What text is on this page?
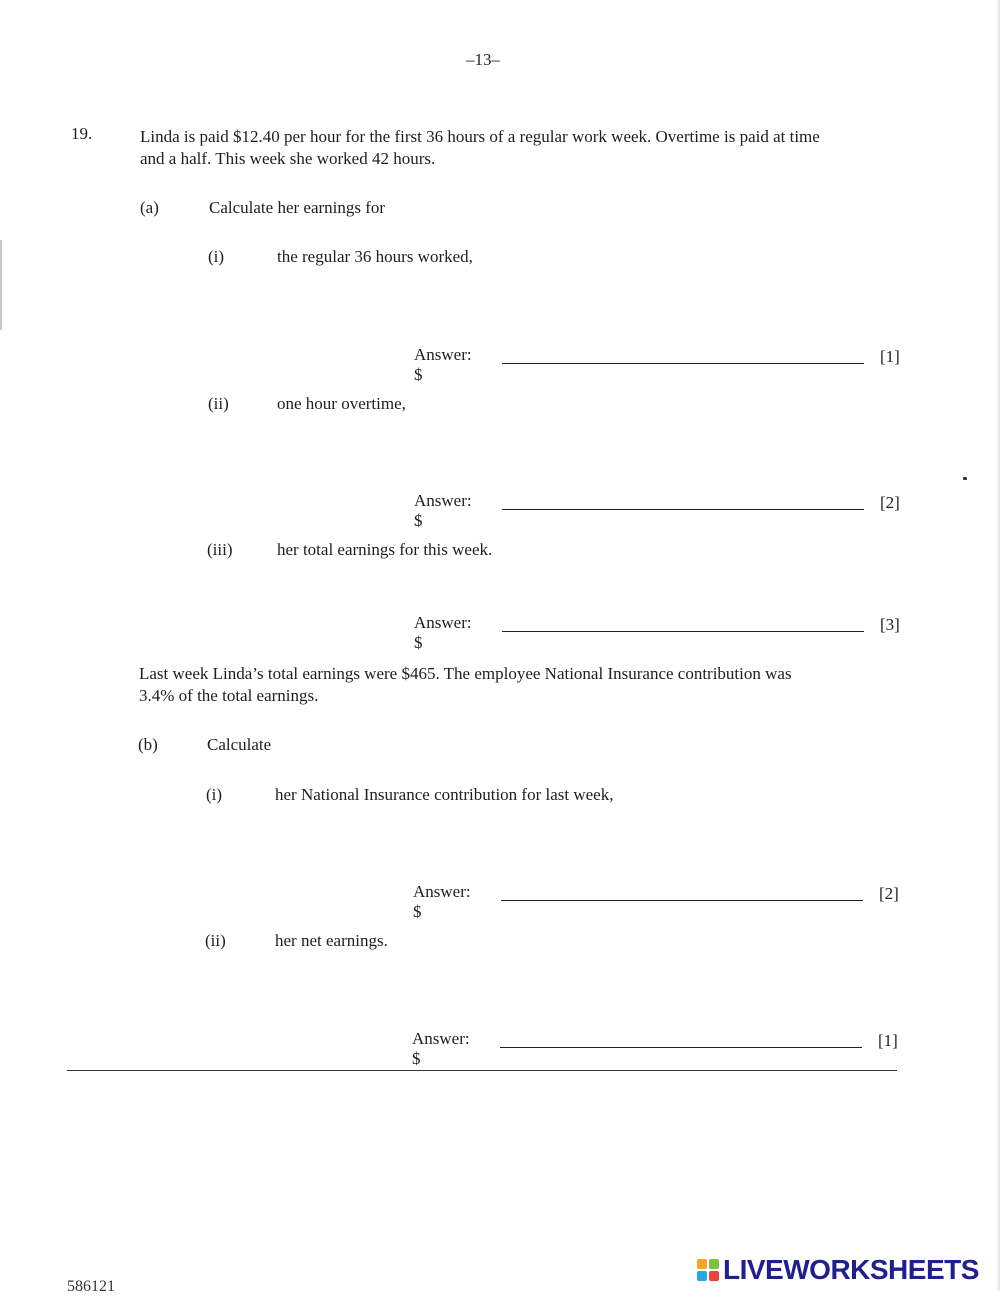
–13–
19.	Linda is paid $12.40 per hour for the first 36 hours of a regular work week. Overtime is paid at time
and a half. This week she worked 42 hours.
(a)	Calculate her earnings for
(i)	the regular 36 hours worked,
Answer: $
[1]
(ii)	one hour overtime,
Answer: $
[2]
(iii)	her total earnings for this week.
Answer: $
[3]
Last week Linda’s total earnings were $465. The employee National Insurance contribution was
3.4% of the total earnings.
(b)	Calculate
(i)	her National Insurance contribution for last week,
Answer: $
[2]
(ii)	her net earnings.
Answer: $
[1]
586121
LIVEWORKSHEETS
